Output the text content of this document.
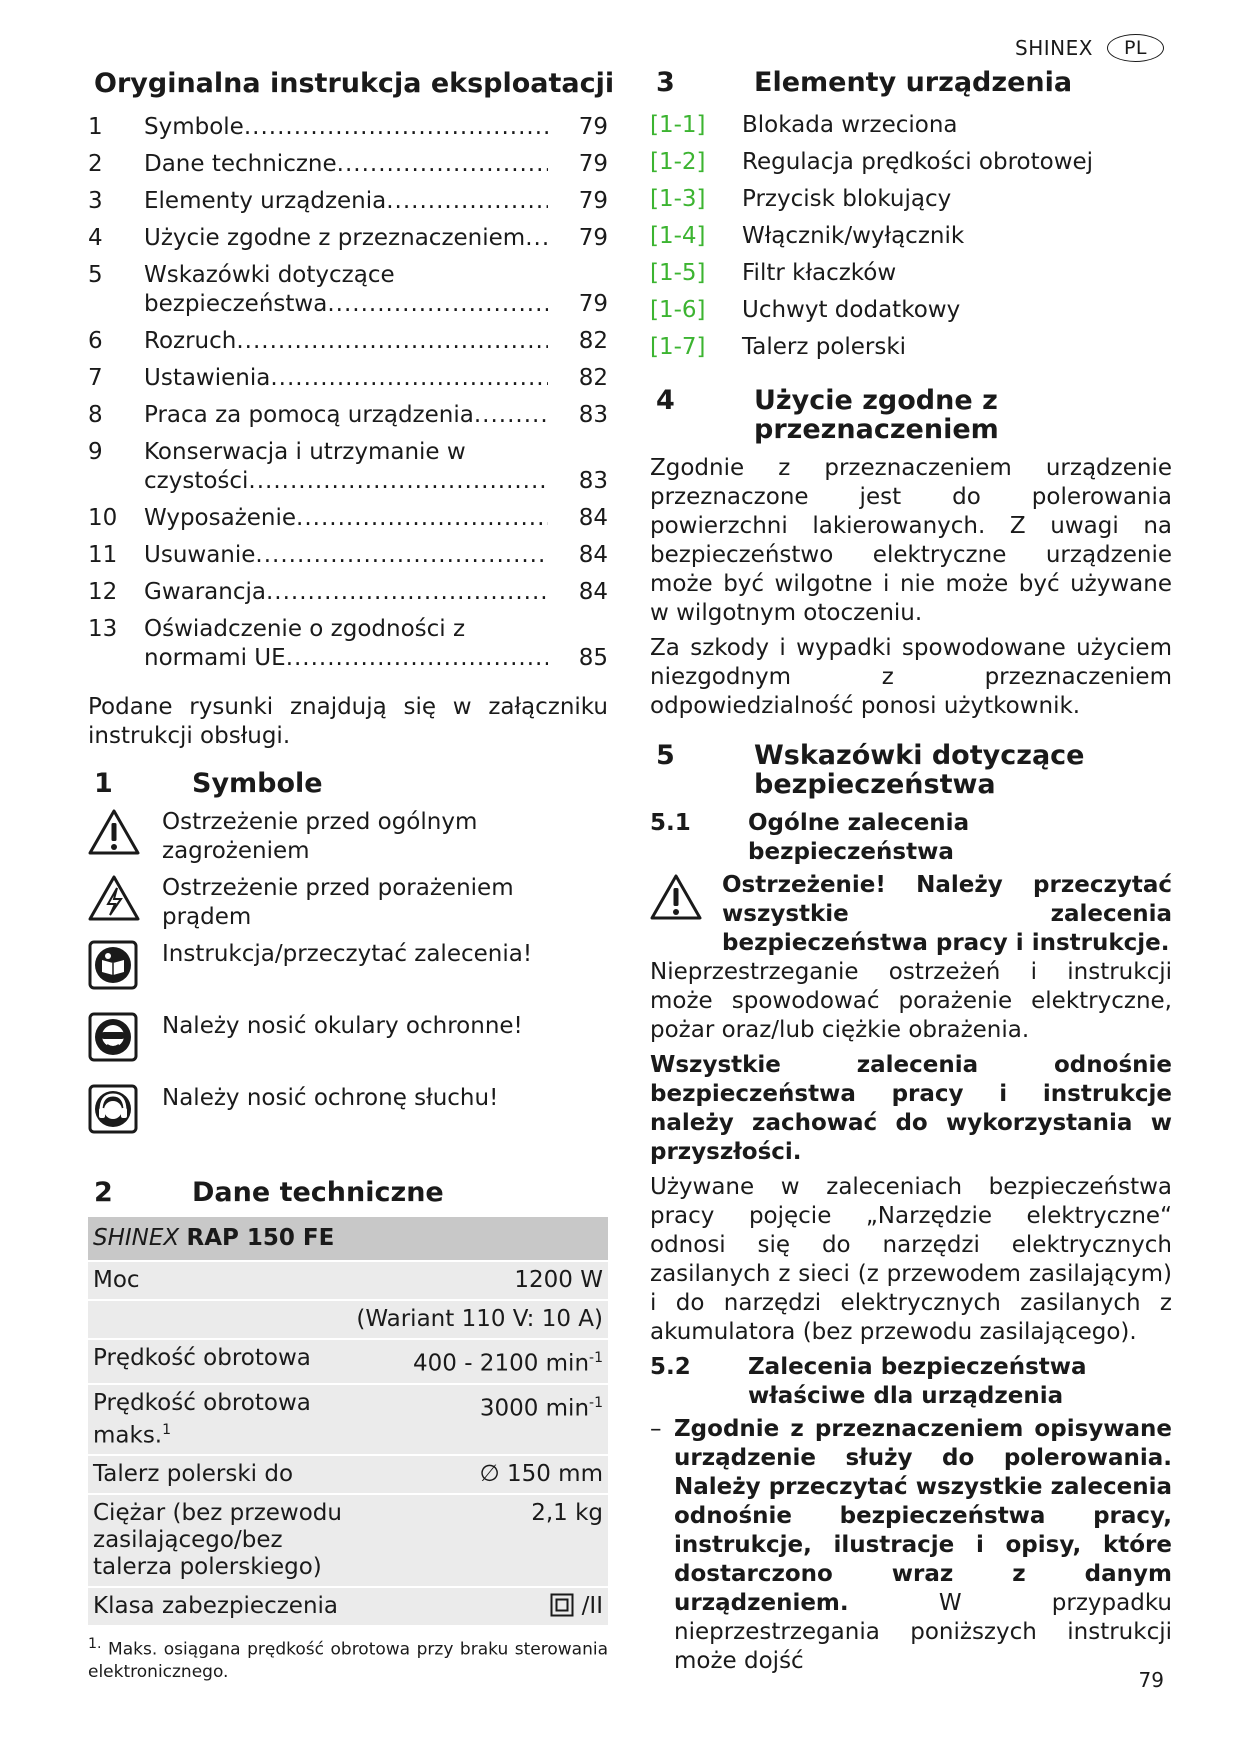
SHINEX	PL
Oryginalna instrukcja eksploatacji
1	Symbole .....	79
2	Dane techniczne .....	79
3	Elementy urządzenia .....	79
4	Użycie zgodne z przeznaczeniem .....	79
5	Wskazówki dotyczące
bezpieczeństwa .....	79
6	Rozruch .....	82
7	Ustawienia .....	82
8	Praca za pomocą urządzenia .....	83
9	Konserwacja i utrzymanie w
czystości .....	83
10	Wyposażenie .....	84
11	Usuwanie .....	84
12	Gwarancja .....	84
13	Oświadczenie o zgodności z
normami UE .....	85

Podane rysunki znajdują się w załączniku instrukcji obsługi.

1	Symbole
Ostrzeżenie przed ogólnym zagrożeniem
Ostrzeżenie przed porażeniem prądem
Instrukcja/przeczytać zalecenia!
Należy nosić okulary ochronne!
Należy nosić ochronę słuchu!
2	Dane techniczne
SHINEX RAP 150 FE	
Moc	1200 W
	(Wariant 110 V: 10 A)
Prędkość obrotowa	400 - 2100 $\min^{-1}$
Prędkość obrotowa maks.$^1$	3000 $\min^{-1}$
Talerz polerski do	∅ 150 mm
Ciężar (bez przewodu zasilającego/bez talerza polerskiego)	2,1 kg
Klasa zabezpieczenia	/II

$^{1.}$ Maks. osiągana prędkość obrotowa przy braku sterowania elektronicznego.

3	Elementy urządzenia
[1-1]	Blokada wrzeciona
[1-2]	Regulacja prędkości obrotowej
[1-3]	Przycisk blokujący
[1-4]	Włącznik/wyłącznik
[1-5]	Filtr kłaczków
[1-6]	Uchwyt dodatkowy
[1-7]	Talerz polerski
4	Użycie zgodne z
przeznaczeniem

Zgodnie z przeznaczeniem urządzenie przeznaczone jest do polerowania powierzchni lakierowanych. Z uwagi na bezpieczeństwo elektryczne urządzenie może być wilgotne i nie może być używane w wilgotnym otoczeniu.

Za szkody i wypadki spowodowane użyciem niezgodnym z przeznaczeniem odpowiedzialność ponosi użytkownik.

5	Wskazówki dotyczące
bezpieczeństwa
5.1	Ogólne zalecenia
bezpieczeństwa

Ostrzeżenie! Należy przeczytać wszystkie zalecenia bezpieczeństwa pracy i instrukcje.

Nieprzestrzeganie ostrzeżeń i instrukcji może spowodować porażenie elektryczne, pożar oraz/lub ciężkie obrażenia.

Wszystkie zalecenia odnośnie bezpieczeństwa pracy i instrukcje należy zachować do wykorzystania w przyszłości.

Używane w zaleceniach bezpieczeństwa pracy pojęcie „Narzędzie elektryczne“ odnosi się do narzędzi elektrycznych zasilanych z sieci (z przewodem zasilającym) i do narzędzi elektrycznych zasilanych z akumulatora (bez przewodu zasilającego).

5.2	Zalecenia bezpieczeństwa
właściwe dla urządzenia
– Zgodnie z przeznaczeniem opisywane urządzenie służy do polerowania. Należy przeczytać wszystkie zalecenia odnośnie bezpieczeństwa pracy, instrukcje, ilustracje i opisy, które dostarczono wraz z danym urządzeniem.	W przypadku nieprzestrzegania poniższych instrukcji może dojść

79
